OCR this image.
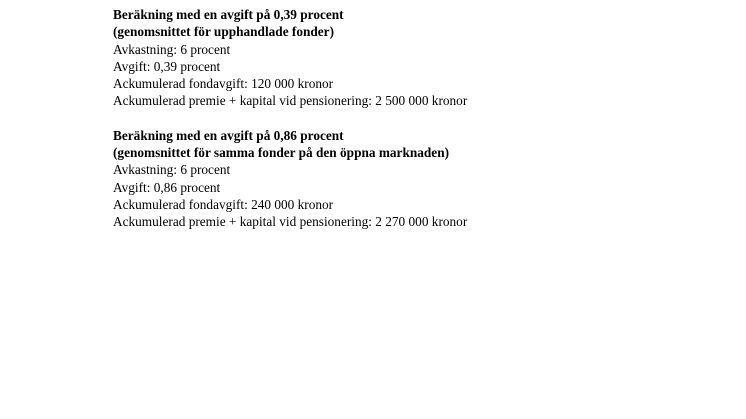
Beräkning med en avgift på 0,39 procent
(genomsnittet för upphandlade fonder)
Avkastning: 6 procent
Avgift: 0,39 procent
Ackumulerad fondavgift: 120 000 kronor
Ackumulerad premie + kapital vid pensionering: 2 500 000 kronor
Beräkning med en avgift på 0,86 procent
(genomsnittet för samma fonder på den öppna marknaden)
Avkastning: 6 procent
Avgift: 0,86 procent
Ackumulerad fondavgift: 240 000 kronor
Ackumulerad premie + kapital vid pensionering: 2 270 000 kronor
